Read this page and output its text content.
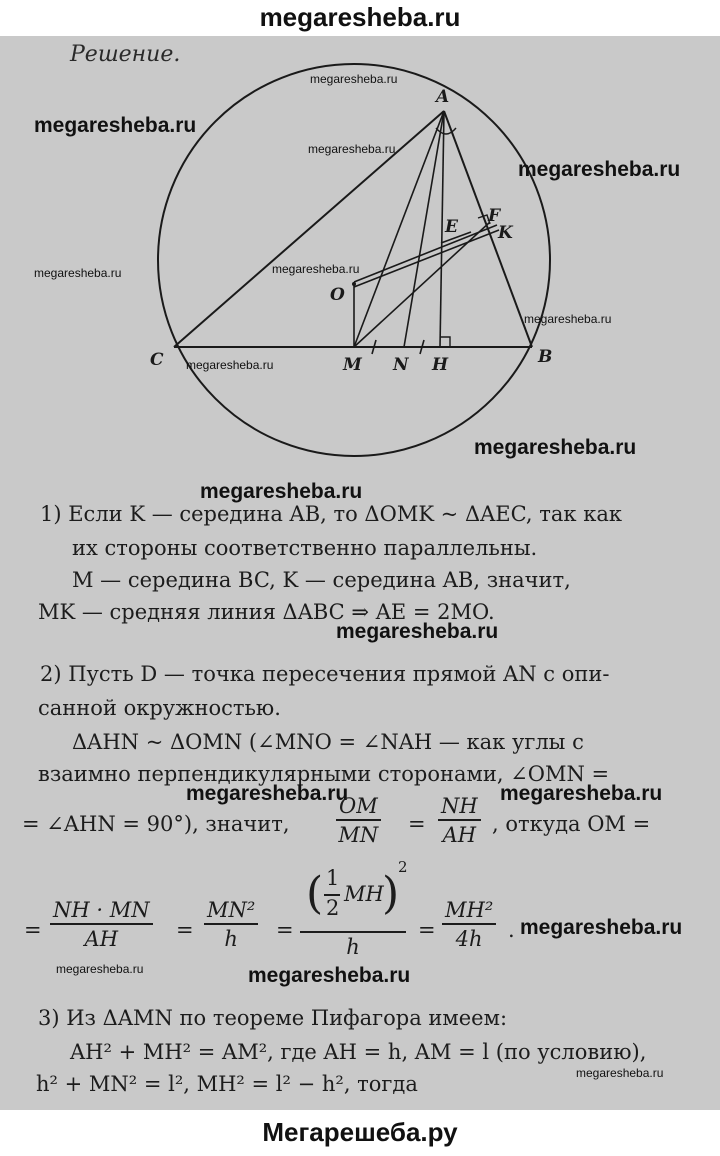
megaresheba.ru
Решение.
A
B
C	M N H
O
E
F
K
megaresheba.ru
megaresheba.ru
megaresheba.ru
megaresheba.ru
megaresheba.ru	megaresheba.ru
megaresheba.ru
megaresheba.ru
megaresheba.ru
megaresheba.ru
1) Если K — середина AB, то ΔOMK ~ ΔAEC, так как
их стороны соответственно параллельны.
M — середина BC, K — середина AB, значит,
MK — средняя линия ΔABC ⇒ AE = 2MO.
megaresheba.ru
2) Пусть D — точка пересечения прямой AN с опи-
санной окружностью.
ΔAHN ~ ΔOMN (∠MNO = ∠NAH — как углы с
взаимно перпендикулярными сторонами, ∠OMN =
megaresheba.ru	megaresheba.ru
= ∠AHN = 90°), значит, $\frac{OM}{MN} = \frac{NH}{AH}$ , откуда OM =
= $\frac{NH \cdot MN}{AH} = \frac{\text{MN²}}{h}$ = ( 1
2
MH
)
2
$h = \frac{\text{MH²}}{4h}$ . megaresheba.ru
megaresheba.ru	megaresheba.ru
3) Из ΔAMN по теореме Пифагора имеем:
AH² + MH² = AM², где AH = h, AM = l (по условию),
h² + MN² = l², MH² = l² − h², тогда	megaresheba.ru
Мегарешеба.ру
